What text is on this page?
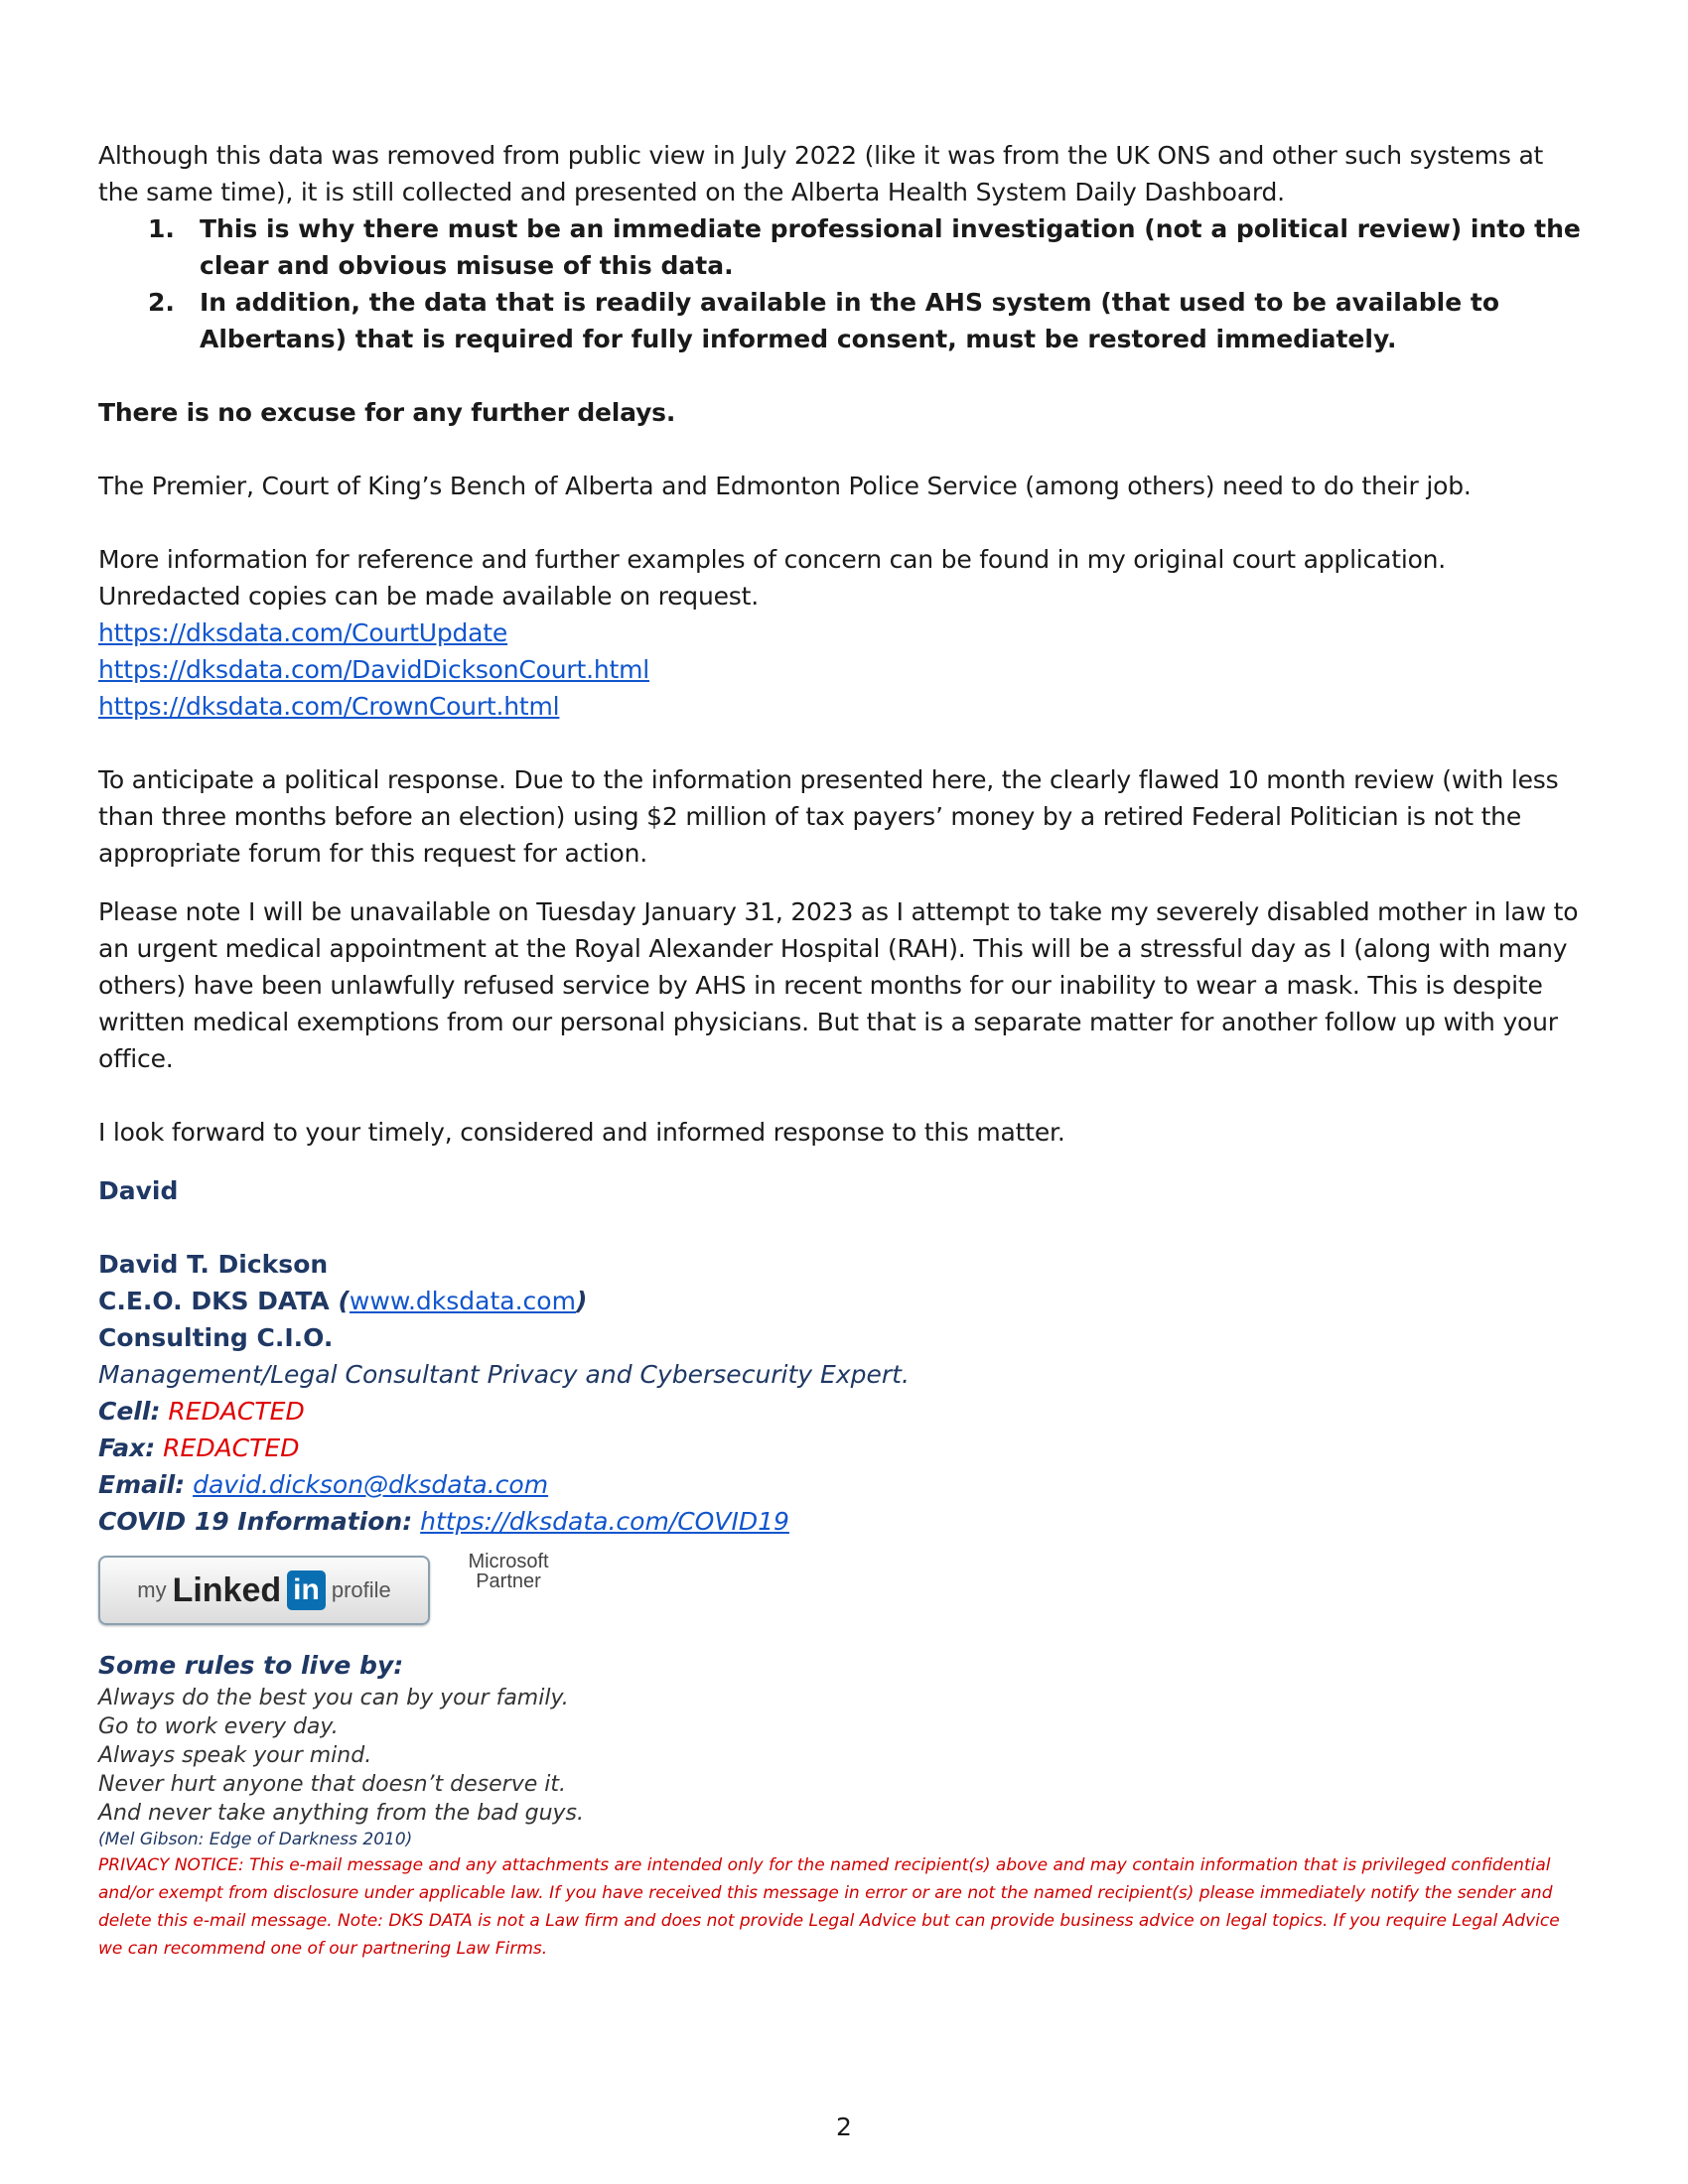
Although this data was removed from public view in July 2022 (like it was from the UK ONS and other such systems at the same time), it is still collected and presented on the Alberta Health System Daily Dashboard.

1. This is why there must be an immediate professional investigation (not a political review) into the clear and obvious misuse of this data.
2. In addition, the data that is readily available in the AHS system (that used to be available to Albertans) that is required for fully informed consent, must be restored immediately.

There is no excuse for any further delays.

The Premier, Court of King’s Bench of Alberta and Edmonton Police Service (among others) need to do their job.

More information for reference and further examples of concern can be found in my original court application. Unredacted copies can be made available on request.

https://dksdata.com/CourtUpdate
https://dksdata.com/DavidDicksonCourt.html
https://dksdata.com/CrownCourt.html

To anticipate a political response. Due to the information presented here, the clearly flawed 10 month review (with less than three months before an election) using $2 million of tax payers’ money by a retired Federal Politician is not the appropriate forum for this request for action.

Please note I will be unavailable on Tuesday January 31, 2023 as I attempt to take my severely disabled mother in law to an urgent medical appointment at the Royal Alexander Hospital (RAH). This will be a stressful day as I (along with many others) have been unlawfully refused service by AHS in recent months for our inability to wear a mask. This is despite written medical exemptions from our personal physicians. But that is a separate matter for another follow up with your office.

I look forward to your timely, considered and informed response to this matter.

David
David T. Dickson
C.E.O. DKS DATA (www.dksdata.com)
Consulting C.I.O.
Management/Legal Consultant Privacy and Cybersecurity Expert.
Cell: REDACTED
Fax: REDACTED
Email: david.dickson@dksdata.com
COVID 19 Information: https://dksdata.com/COVID19
my Linked in profile
Microsoft
Partner
Some rules to live by:
Always do the best you can by your family.
Go to work every day.
Always speak your mind.
Never hurt anyone that doesn’t deserve it.
And never take anything from the bad guys.
(Mel Gibson: Edge of Darkness 2010)
PRIVACY NOTICE: This e-mail message and any attachments are intended only for the named recipient(s) above and may contain information that is privileged confidential and/or exempt from disclosure under applicable law. If you have received this message in error or are not the named recipient(s) please immediately notify the sender and delete this e-mail message. Note: DKS DATA is not a Law firm and does not provide Legal Advice but can provide business advice on legal topics. If you require Legal Advice we can recommend one of our partnering Law Firms.
2
